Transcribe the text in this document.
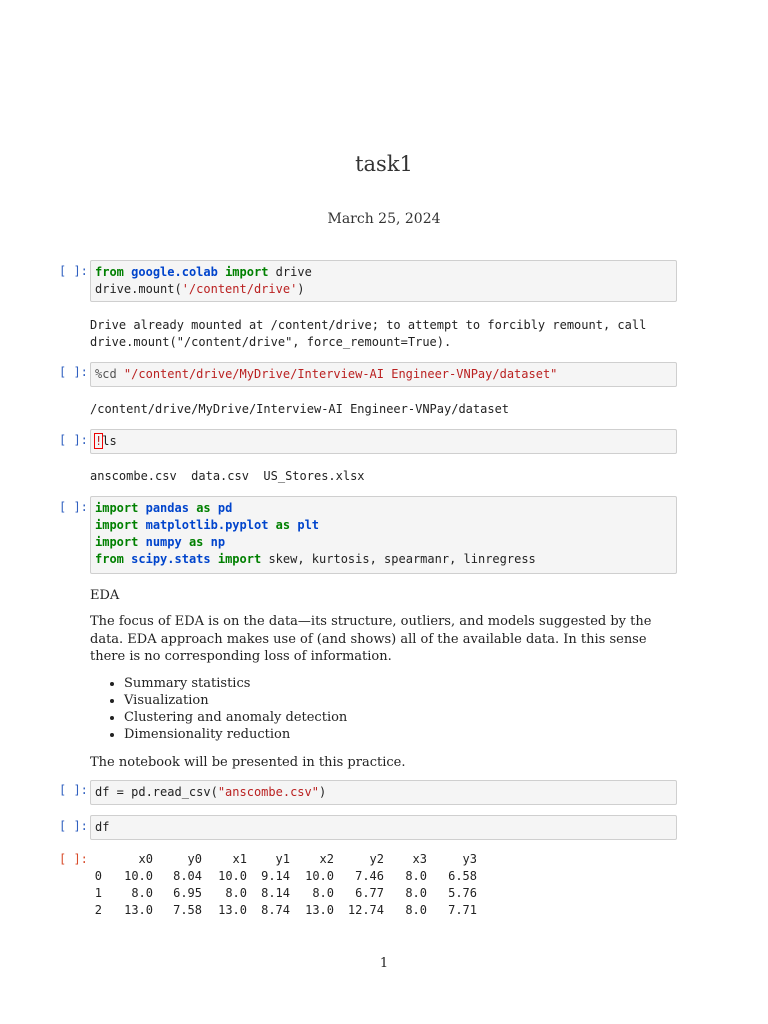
task1
March 25, 2024
[ ]: from google.colab import drive
drive.mount('/content/drive')
Drive already mounted at /content/drive; to attempt to forcibly remount, call
drive.mount("/content/drive", force_remount=True).
[ ]: %cd "/content/drive/MyDrive/Interview-AI Engineer-VNPay/dataset"
/content/drive/MyDrive/Interview-AI Engineer-VNPay/dataset
[ ]: !ls
anscombe.csv  data.csv  US_Stores.xlsx
[ ]: import pandas as pd
import matplotlib.pyplot as plt
import numpy as np
from scipy.stats import skew, kurtosis, spearmanr, linregress
EDA
The focus of EDA is on the data—its structure, outliers, and models suggested by the data. EDA approach makes use of (and shows) all of the available data. In this sense there is no corresponding loss of information.
• Summary statistics
• Visualization
• Clustering and anomaly detection
• Dimensionality reduction
The notebook will be presented in this practice.
[ ]: df = pd.read_csv("anscombe.csv")
[ ]: df
[ ]:
		x0	y0	x1	y1	x2	y2	x3	y3
0	10.0	8.04	10.0	9.14	10.0	7.46	8.0	6.58
1	8.0	6.95	8.0	8.14	8.0	6.77	8.0	5.76
2	13.0	7.58	13.0	8.74	13.0	12.74	8.0	7.71
1
